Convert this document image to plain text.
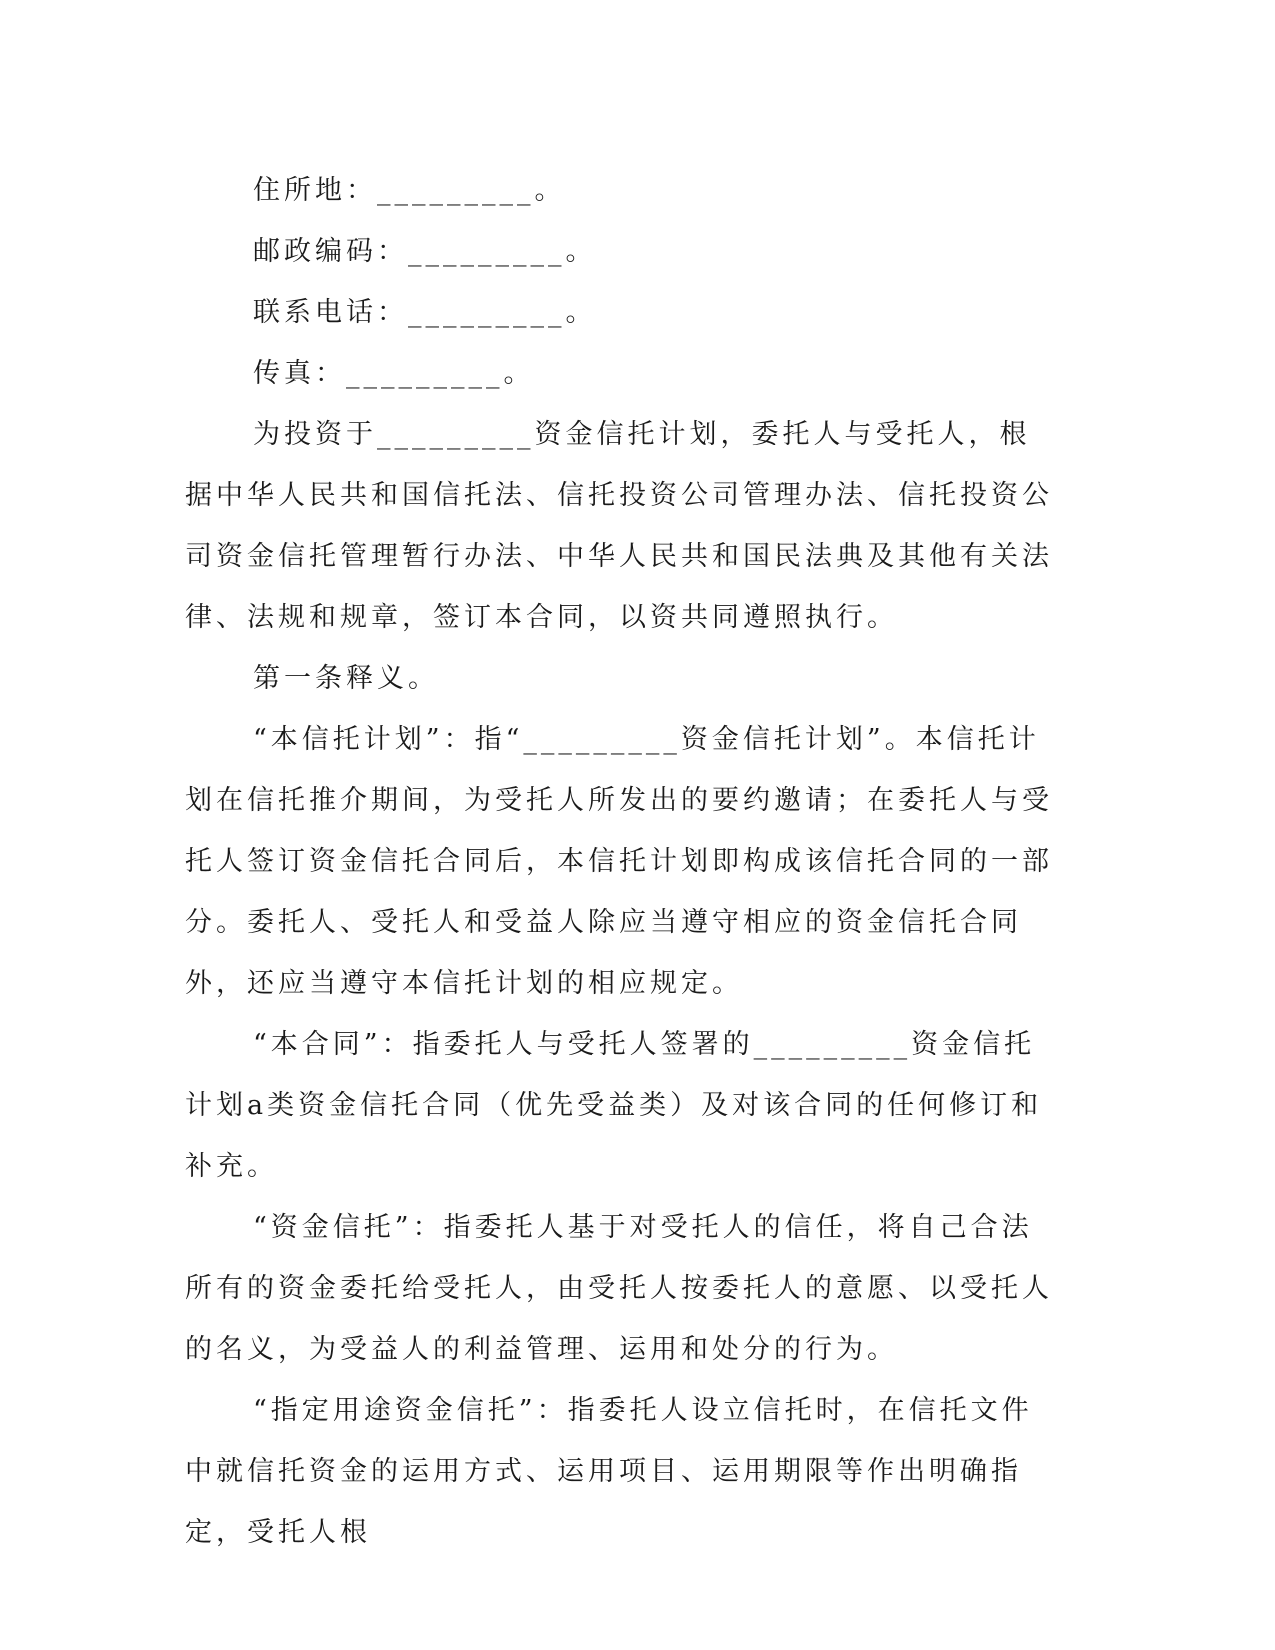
住所地：_________。

邮政编码：_________。

联系电话：_________。

传真：_________。

为投资于_________资金信托计划，委托人与受托人，根据中华人民共和国信托法、信托投资公司管理办法、信托投资公司资金信托管理暂行办法、中华人民共和国民法典及其他有关法律、法规和规章，签订本合同，以资共同遵照执行。

第一条释义。

“本信托计划”：指“_________资金信托计划”。本信托计划在信托推介期间，为受托人所发出的要约邀请；在委托人与受托人签订资金信托合同后，本信托计划即构成该信托合同的一部分。委托人、受托人和受益人除应当遵守相应的资金信托合同外，还应当遵守本信托计划的相应规定。

“本合同”：指委托人与受托人签署的_________资金信托计划a类资金信托合同（优先受益类）及对该合同的任何修订和补充。

“资金信托”：指委托人基于对受托人的信任，将自己合法所有的资金委托给受托人，由受托人按委托人的意愿、以受托人的名义，为受益人的利益管理、运用和处分的行为。

“指定用途资金信托”：指委托人设立信托时，在信托文件中就信托资金的运用方式、运用项目、运用期限等作出明确指定，受托人根
